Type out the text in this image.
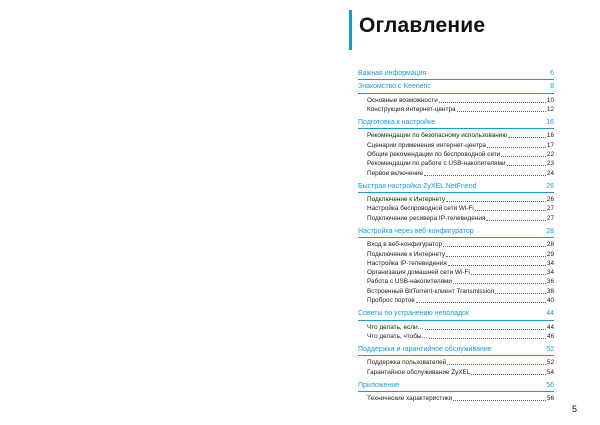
Оглавление
Важная информация	6
Знакомство с Keenetic	8
Основные возможности	10
Конструкция интернет-центра	12
Подготовка к настройке	16
Рекомендации по безопасному использованию	16
Сценарии применения интернет-центра	17
Общие рекомендации по беспроводной сети	22
Рекомендации по работе с USB-накопителями	23
Первое включение	24
Быстрая настройка ZyXEL NetFriend	26
Подключение к Интернету	26
Настройка беспроводной сети Wi-Fi	27
Подключение ресивера IP-телевидения	27
Настройка через веб-конфигуратор	28
Вход в веб-конфигуратор	28
Подключение к Интернету	29
Настройка IP-телевидения	34
Организация домашней сети Wi-Fi	34
Работа с USB-накопителями	36
Встроенный BitTorrent-клиент Transmission	38
Проброс портов	40
Советы по устранению неполадок	44
Что делать, если…	44
Что делать, чтобы…	46
Поддержка и гарантийное обслуживание	52
Поддержка пользователей	52
Гарантийное обслуживание ZyXEL	54
Приложение	56
Технические характеристики	56
5
